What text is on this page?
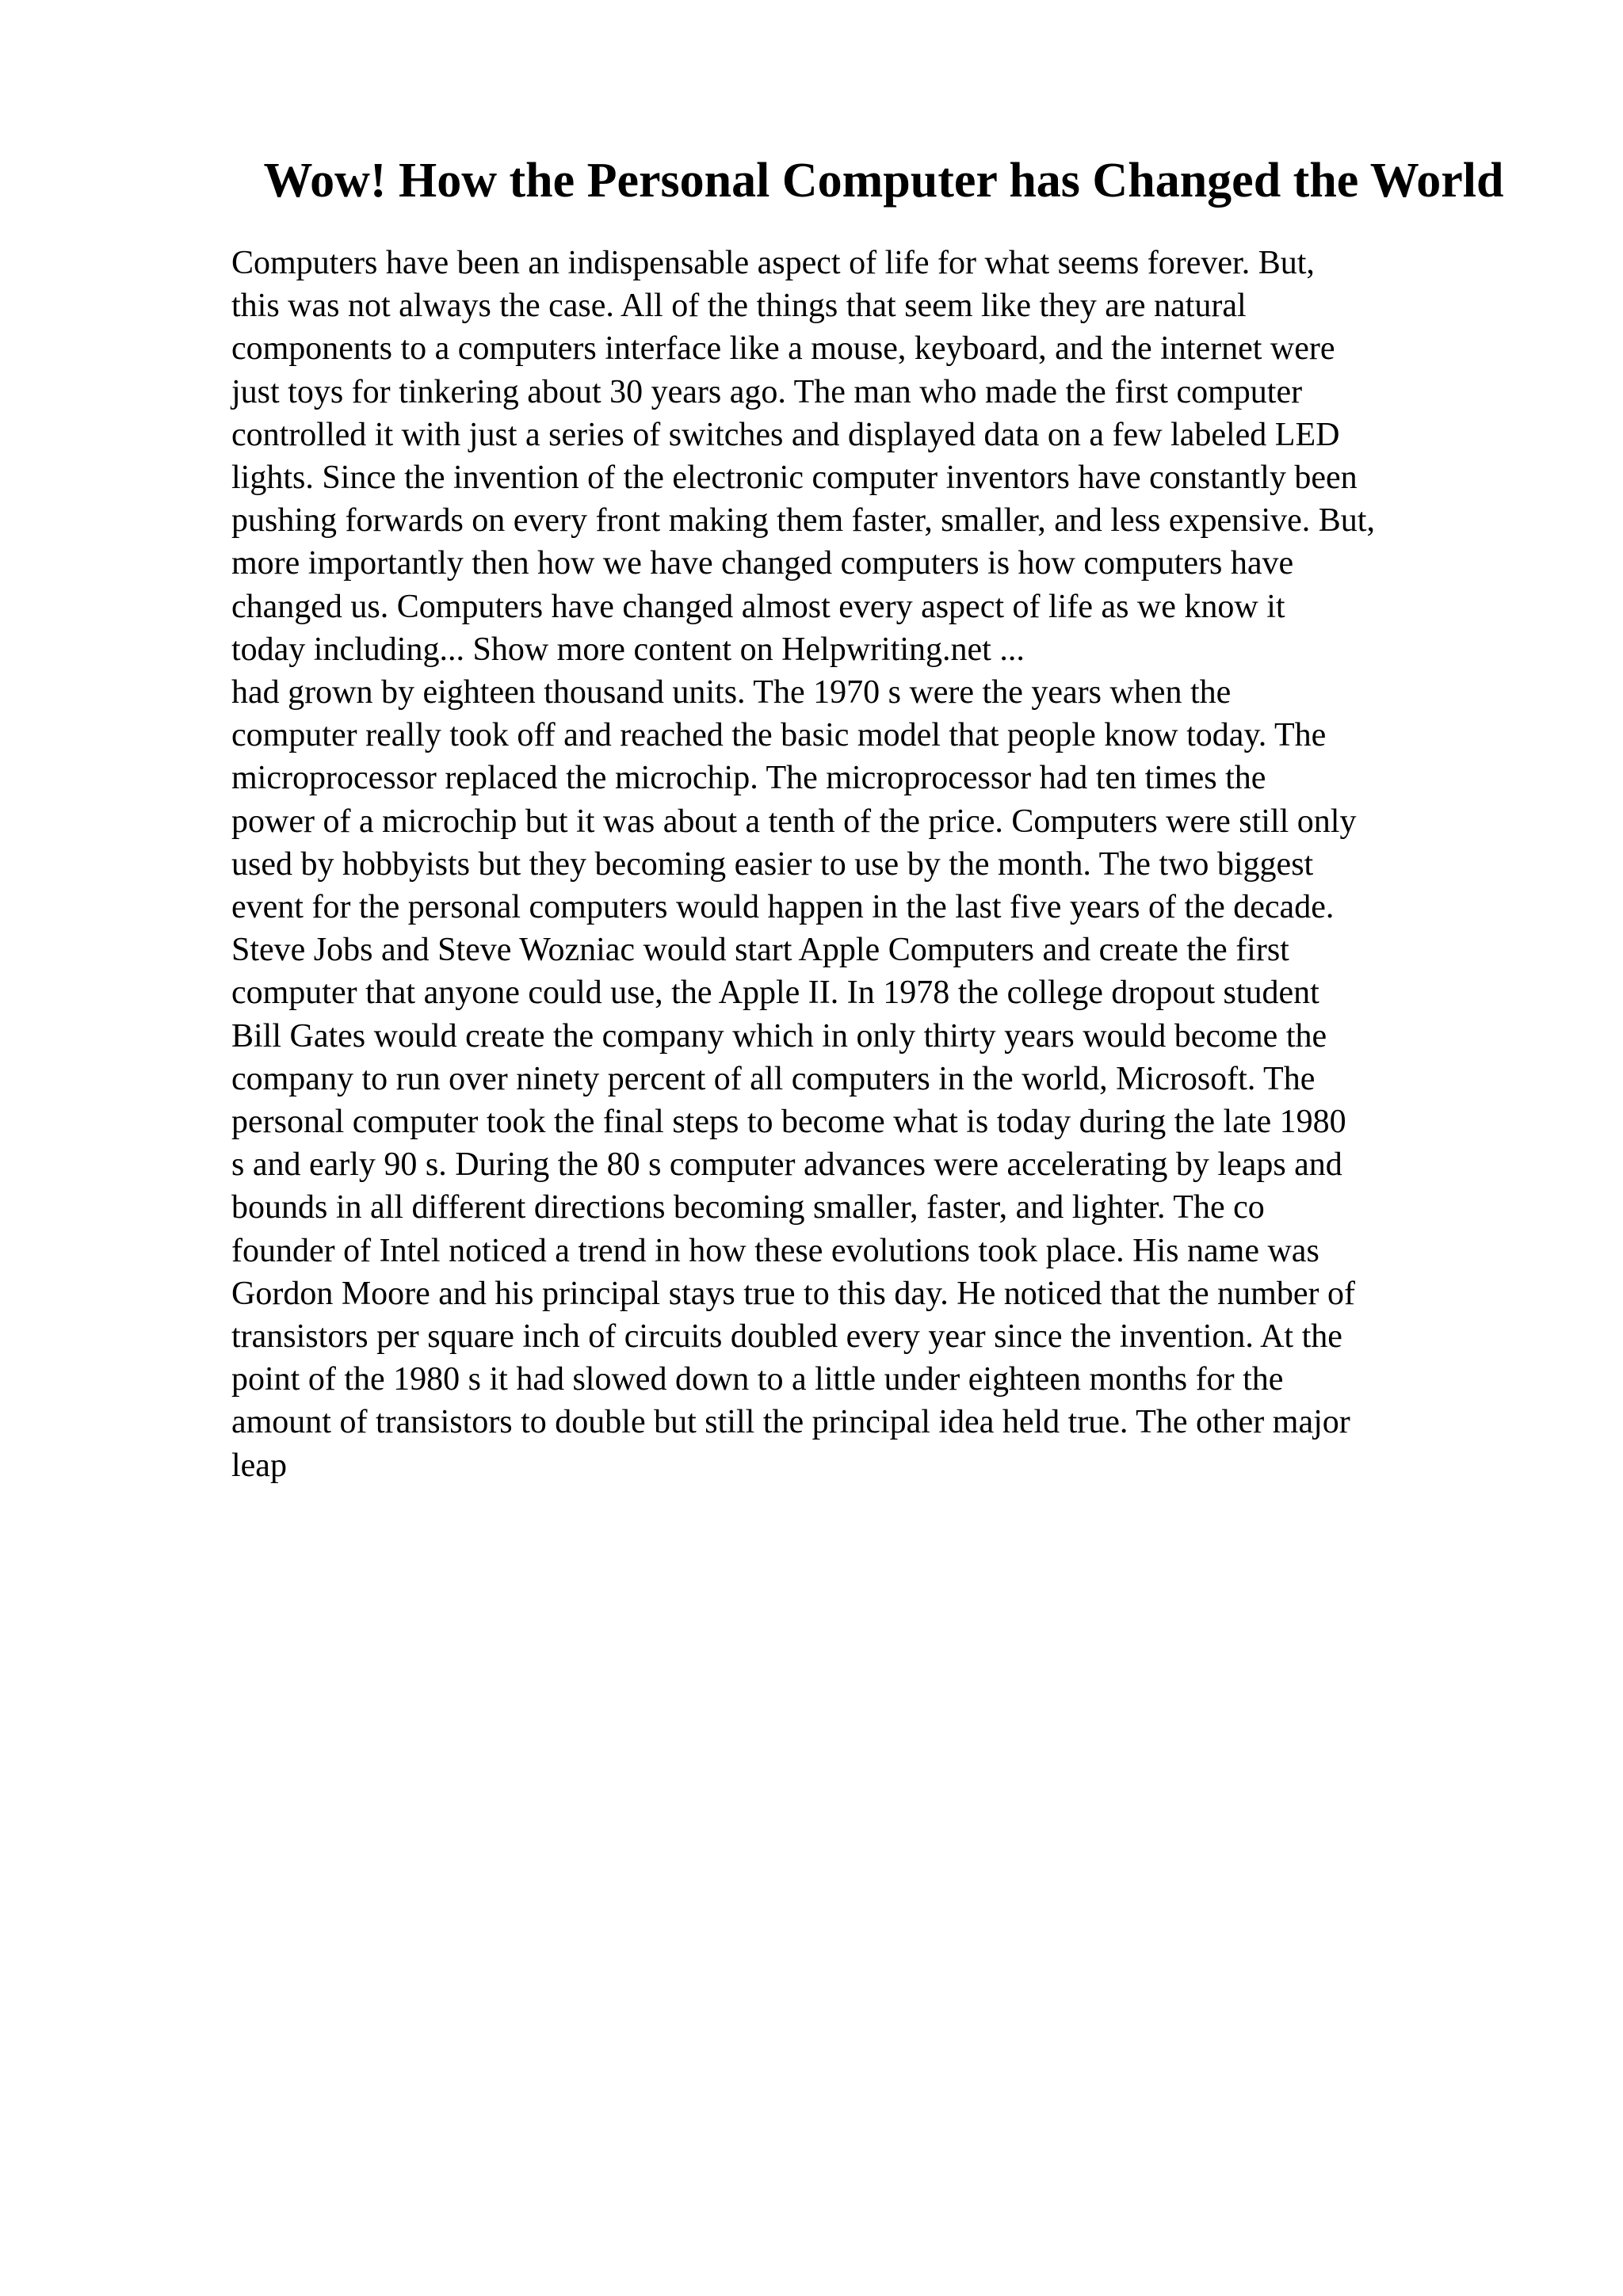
Wow! How the Personal Computer has Changed the World
Computers have been an indispensable aspect of life for what seems forever. But,
this was not always the case. All of the things that seem like they are natural
components to a computers interface like a mouse, keyboard, and the internet were
just toys for tinkering about 30 years ago. The man who made the first computer
controlled it with just a series of switches and displayed data on a few labeled LED
lights. Since the invention of the electronic computer inventors have constantly been
pushing forwards on every front making them faster, smaller, and less expensive. But,
more importantly then how we have changed computers is how computers have
changed us. Computers have changed almost every aspect of life as we know it
today including... Show more content on Helpwriting.net ...
had grown by eighteen thousand units. The 1970 s were the years when the
computer really took off and reached the basic model that people know today. The
microprocessor replaced the microchip. The microprocessor had ten times the
power of a microchip but it was about a tenth of the price. Computers were still only
used by hobbyists but they becoming easier to use by the month. The two biggest
event for the personal computers would happen in the last five years of the decade.
Steve Jobs and Steve Wozniac would start Apple Computers and create the first
computer that anyone could use, the Apple II. In 1978 the college dropout student
Bill Gates would create the company which in only thirty years would become the
company to run over ninety percent of all computers in the world, Microsoft. The
personal computer took the final steps to become what is today during the late 1980
s and early 90 s. During the 80 s computer advances were accelerating by leaps and
bounds in all different directions becoming smaller, faster, and lighter. The co
founder of Intel noticed a trend in how these evolutions took place. His name was
Gordon Moore and his principal stays true to this day. He noticed that the number of
transistors per square inch of circuits doubled every year since the invention. At the
point of the 1980 s it had slowed down to a little under eighteen months for the
amount of transistors to double but still the principal idea held true. The other major
leap
